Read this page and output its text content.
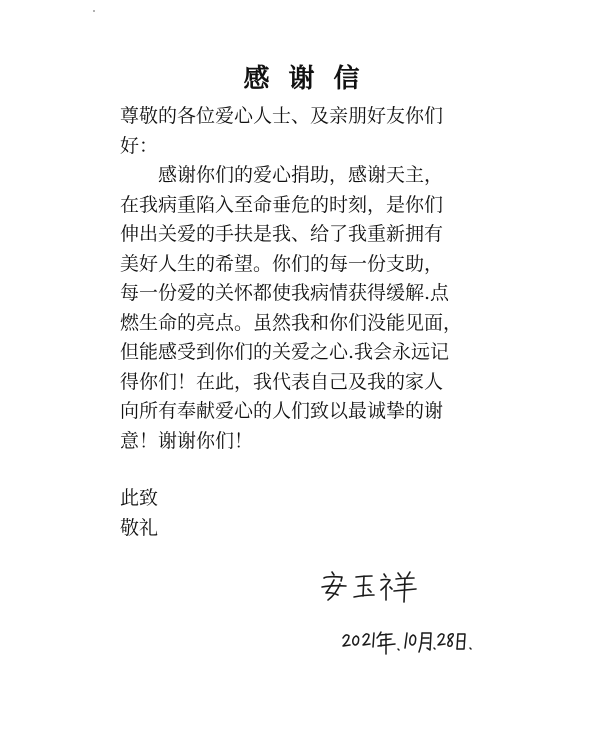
感 谢 信
尊敬的各位爱心人士、及亲朋好友你们
好：
　　感谢你们的爱心捐助，感谢天主，
在我病重陷入至命垂危的时刻，是你们
伸出关爱的手扶是我、给了我重新拥有
美好人生的希望。你们的每一份支助，
每一份爱的关怀都使我病情获得缓解.点
燃生命的亮点。虽然我和你们没能见面，
但能感受到你们的关爱之心.我会永远记
得你们！在此，我代表自己及我的家人
向所有奉献爱心的人们致以最诚挚的谢
意！谢谢你们！
此致
敬礼
